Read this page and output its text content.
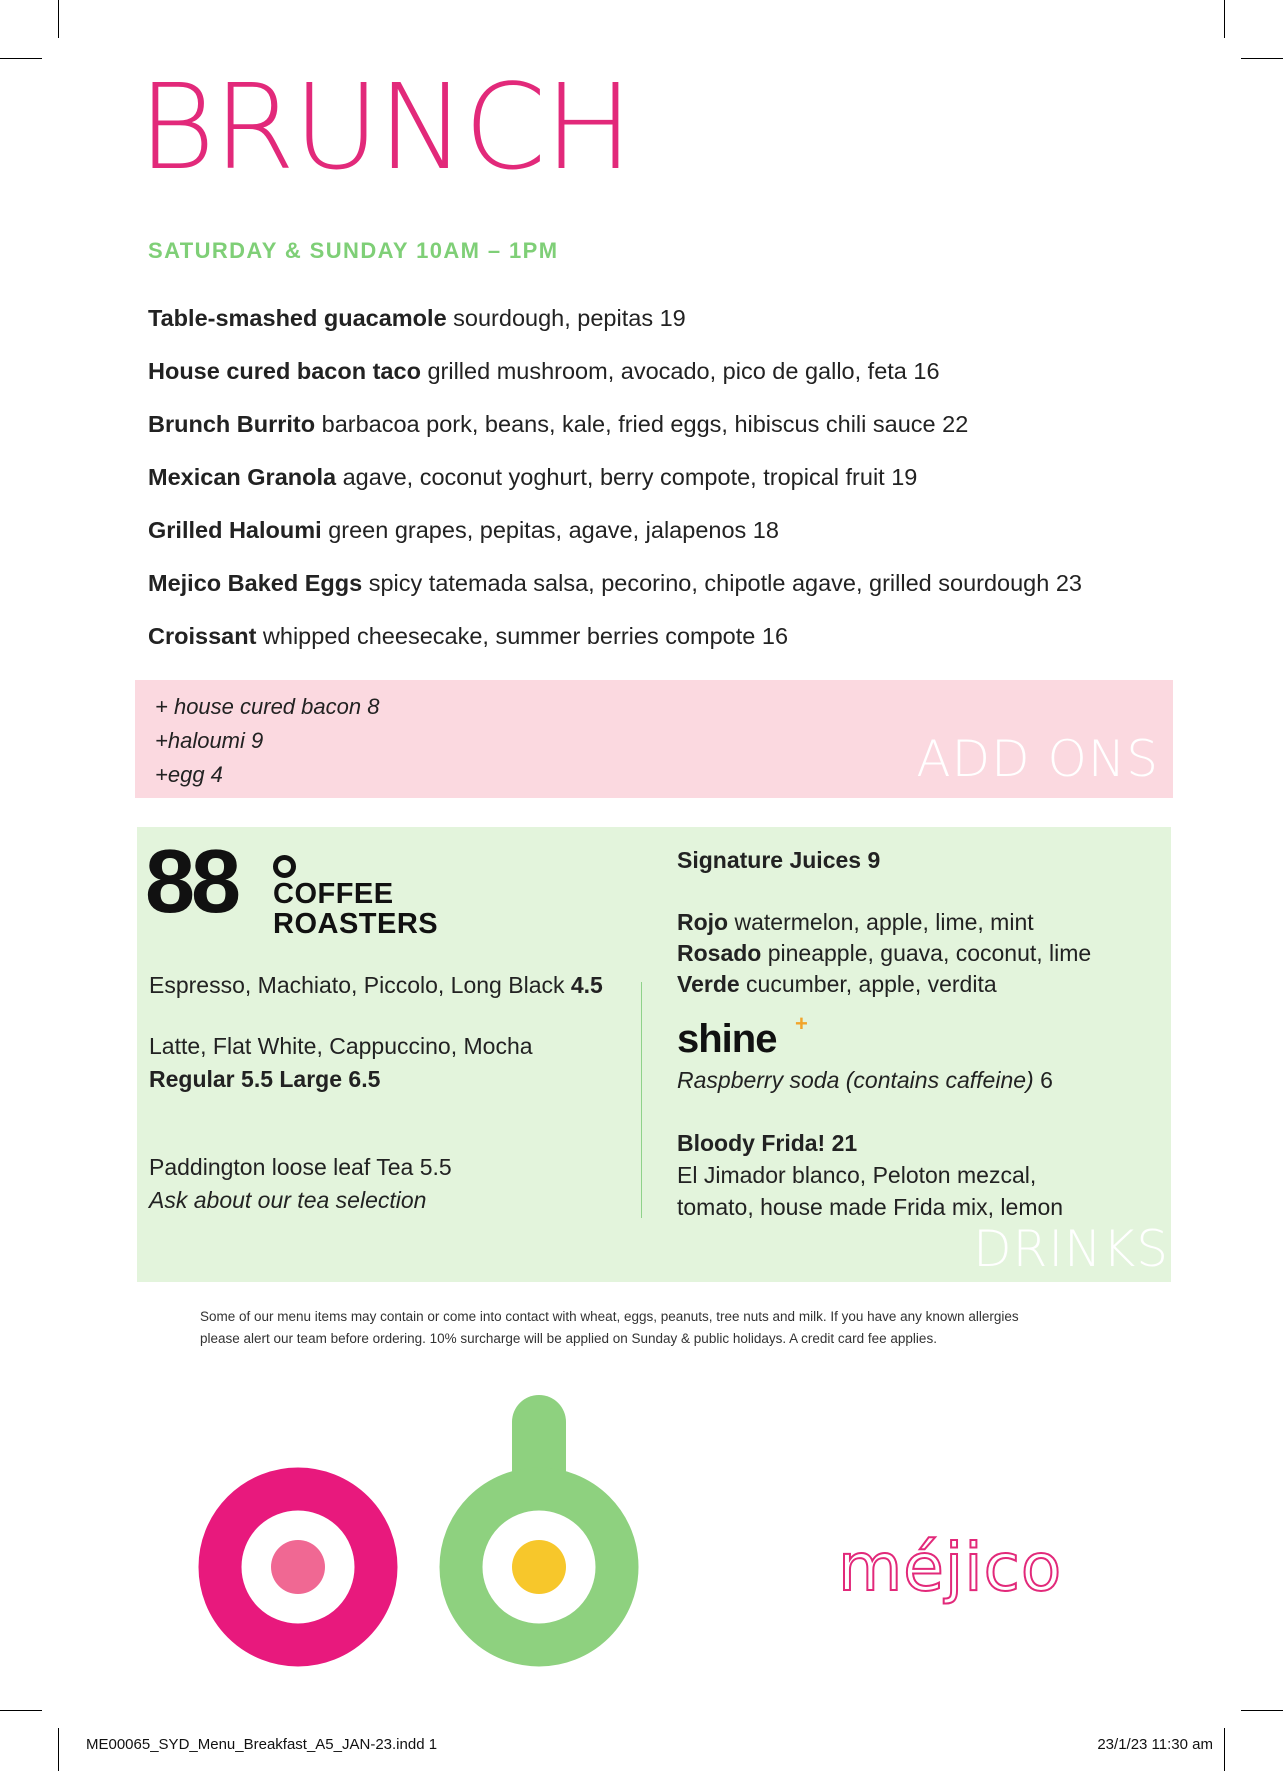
BRUNCH
SATURDAY & SUNDAY 10AM – 1PM
Table-smashed guacamole sourdough, pepitas 19
House cured bacon taco grilled mushroom, avocado, pico de gallo, feta 16
Brunch Burrito barbacoa pork, beans, kale, fried eggs, hibiscus chili sauce 22
Mexican Granola agave, coconut yoghurt, berry compote, tropical fruit 19
Grilled Haloumi green grapes, pepitas, agave, jalapenos 18
Mejico Baked Eggs spicy tatemada salsa, pecorino, chipotle agave, grilled sourdough 23
Croissant whipped cheesecake, summer berries compote 16
+ house cured bacon 8
+haloumi 9
+egg 4	ADD ONS
88 COFFEE
ROASTERS
Espresso, Machiato, Piccolo, Long Black 4.5
Latte, Flat White, Cappuccino, Mocha
Regular 5.5 Large 6.5
Paddington loose leaf Tea 5.5
Ask about our tea selection
Signature Juices 9
Rojo watermelon, apple, lime, mint
Rosado pineapple, guava, coconut, lime
Verde cucumber, apple, verdita
shine +
Raspberry soda (contains caffeine) 6
Bloody Frida! 21
El Jimador blanco, Peloton mezcal,
tomato, house made Frida mix, lemon
DRINKS
Some of our menu items may contain or come into contact with wheat, eggs, peanuts, tree nuts and milk. If you have any known allergies please alert our team before ordering. 10% surcharge will be applied on Sunday & public holidays. A credit card fee applies.
méjico
ME00065_SYD_Menu_Breakfast_A5_JAN-23.indd 1	23/1/23 11:30 am
